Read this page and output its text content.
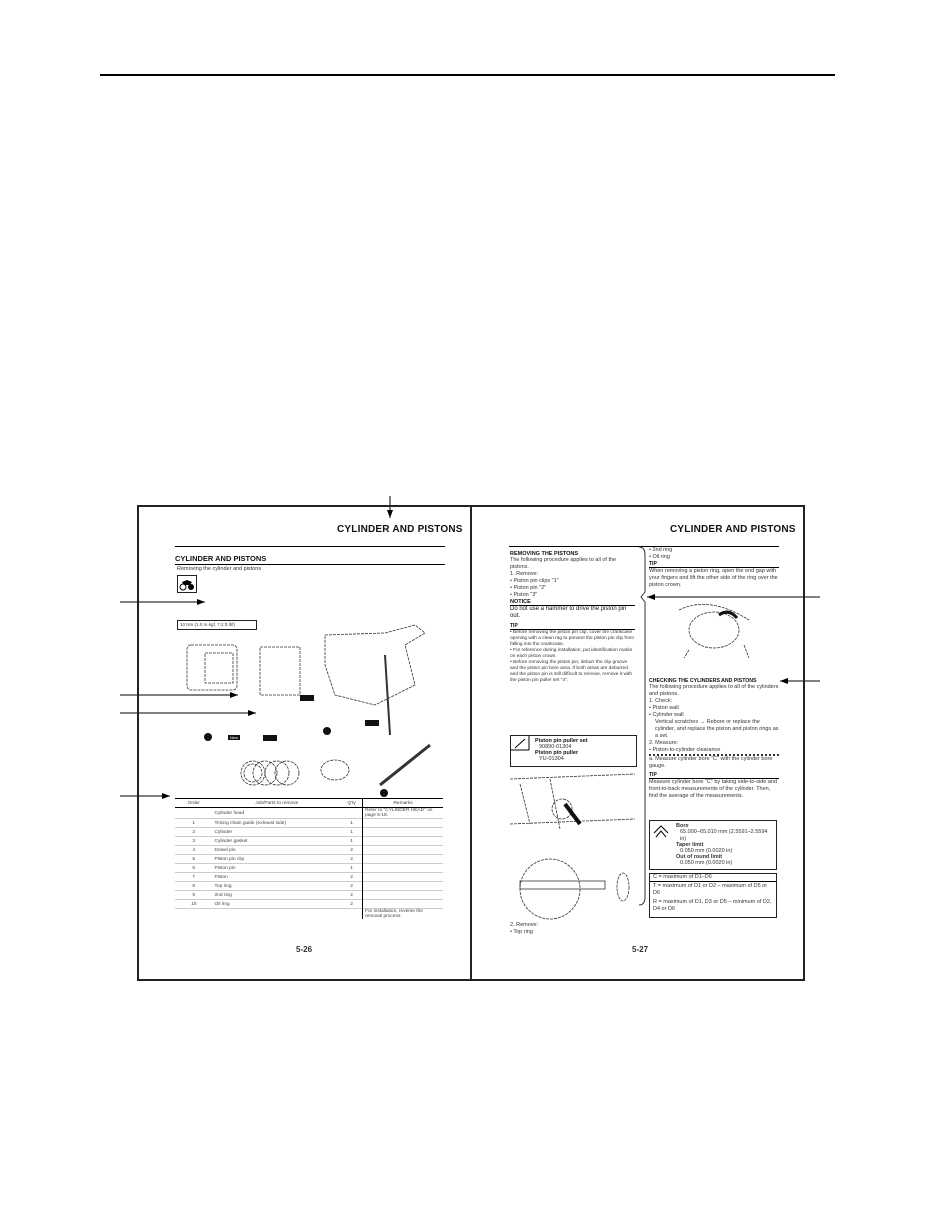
CYLINDER AND PISTONS
CYLINDER AND PISTONS
Removing the cylinder and pistons
10 Nm (1.0 m·kgf, 7.2 ft·lbf)
New
Order	Job/Parts to remove	Q'ty	Remarks
	Cylinder head		Refer to "CYLINDER HEAD" on page 5-18.
1	Timing chain guide (exhaust side)	1	
2	Cylinder	1	
3	Cylinder gasket	1	
4	Dowel pin	2	
5	Piston pin clip	2	
6	Piston pin	1	
7	Piston	2	
8	Top ring	2	
9	2nd ring	2	
10	Oil ring	2	
			For installation, reverse the removal process.
5-26
CYLINDER AND PISTONS
REMOVING THE PISTONS
The following procedure applies to all of the pistons.
1. Remove:
• Piston pin clips "1"
• Piston pin "2"
• Piston "3"
NOTICE
Do not use a hammer to drive the piston pin out.
TIP
• Before removing the piston pin clip, cover the crankcase opening with a clean rag to prevent the piston pin clip from falling into the crankcase.
• For reference during installation, put identification marks on each piston crown.
• Before removing the piston pin, deburr the clip groove and the piston pin bore area. If both areas are deburred and the piston pin is still difficult to remove, remove it with the piston pin puller set "4".
Piston pin puller set
90890-01304
Piston pin puller
YU-01304
2. Remove:
• Top ring
• 2nd ring
• Oil ring
TIP
When removing a piston ring, open the end gap with your fingers and lift the other side of the ring over the piston crown.
CHECKING THE CYLINDERS AND PISTONS
The following procedure applies to all of the cylinders and pistons.
1. Check:
• Piston wall
• Cylinder wall
Vertical scratches → Rebore or replace the cylinder, and replace the piston and piston rings as a set.
2. Measure:
• Piston-to-cylinder clearance
a. Measure cylinder bore "C" with the cylinder bore gauge.
TIP
Measure cylinder bore "C" by taking side-to-side and front-to-back measurements of the cylinder. Then, find the average of the measurements.
Bore
65.000–65.010 mm (2.5591–2.5594 in)
Taper limit
0.050 mm (0.0020 in)
Out of round limit
0.050 mm (0.0020 in)
C = maximum of D1–D6
T = maximum of D1 or D2 – maximum of D5 or D6
R = maximum of D1, D3 or D5 – minimum of D2, D4 or D6
5-27
